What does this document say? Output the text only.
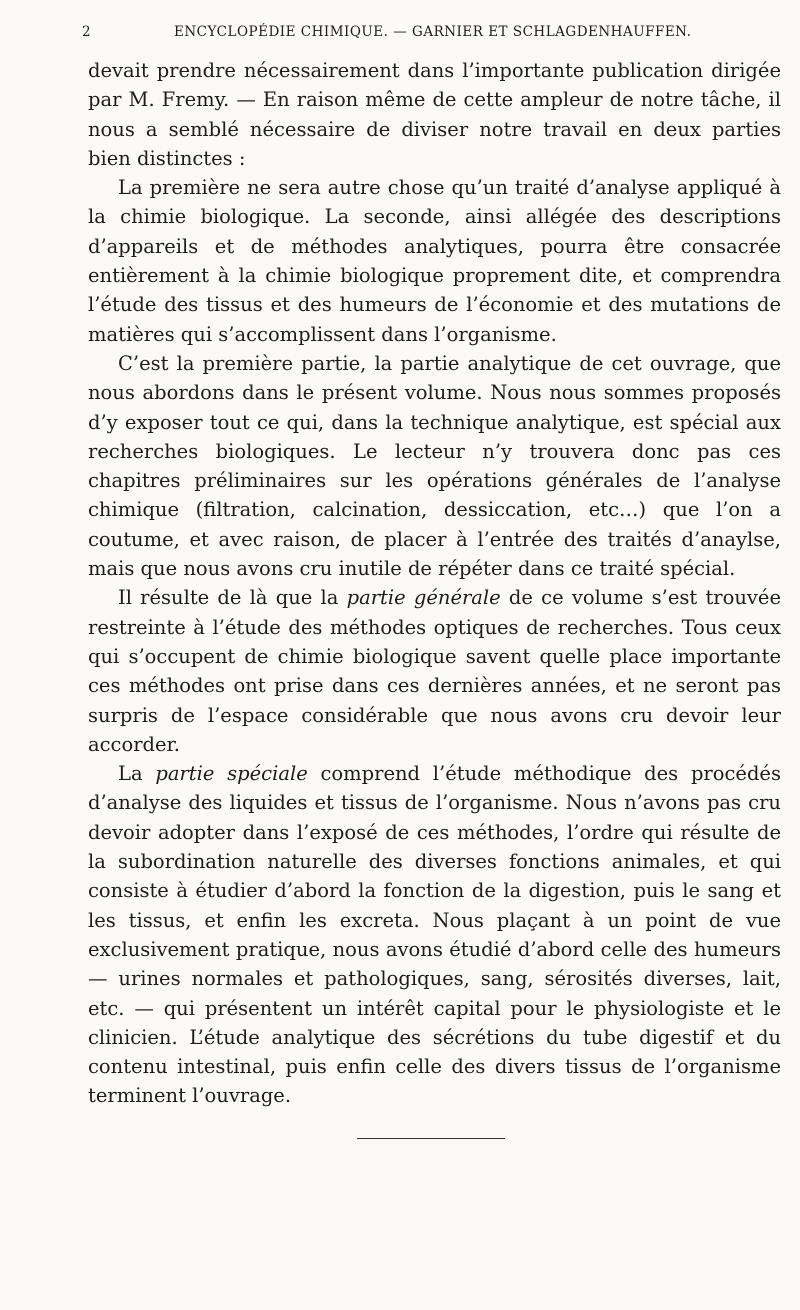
2	ENCYCLOPÉDIE CHIMIQUE. — GARNIER ET SCHLAGDENHAUFFEN.

devait prendre nécessairement dans l’importante publication dirigée par M. Fremy. — En raison même de cette ampleur de notre tâche, il nous a semblé nécessaire de diviser notre travail en deux parties bien distinctes :

La première ne sera autre chose qu’un traité d’analyse appliqué à la chimie biologique. La seconde, ainsi allégée des descriptions d’appareils et de méthodes analytiques, pourra être consacrée entièrement à la chimie biologique proprement dite, et comprendra l’étude des tissus et des humeurs de l’économie et des mutations de matières qui s’accomplissent dans l’organisme.

C’est la première partie, la partie analytique de cet ouvrage, que nous abordons dans le présent volume. Nous nous sommes proposés d’y exposer tout ce qui, dans la technique analytique, est spécial aux recherches biologiques. Le lecteur n’y trouvera donc pas ces chapitres préliminaires sur les opérations générales de l’analyse chimique (filtration, calcination, dessiccation, etc…) que l’on a coutume, et avec raison, de placer à l’entrée des traités d’anaylse, mais que nous avons cru inutile de répéter dans ce traité spécial.

Il résulte de là que la partie générale de ce volume s’est trouvée restreinte à l’étude des méthodes optiques de recherches. Tous ceux qui s’occupent de chimie biologique savent quelle place importante ces méthodes ont prise dans ces dernières années, et ne seront pas surpris de l’espace considérable que nous avons cru devoir leur accorder.

La partie spéciale comprend l’étude méthodique des procédés d’analyse des liquides et tissus de l’organisme. Nous n’avons pas cru devoir adopter dans l’exposé de ces méthodes, l’ordre qui résulte de la subordination naturelle des diverses fonctions animales, et qui consiste à étudier d’abord la fonction de la digestion, puis le sang et les tissus, et enfin les excreta. Nous plaçant à un point de vue exclusivement pratique, nous avons étudié d’abord celle des humeurs — urines normales et pathologiques, sang, sérosités diverses, lait, etc. — qui présentent un intérêt capital pour le physiologiste et le clinicien. L’étude analytique des sécrétions du tube digestif et du contenu intestinal, puis enfin celle des divers tissus de l’organisme terminent l’ouvrage.
